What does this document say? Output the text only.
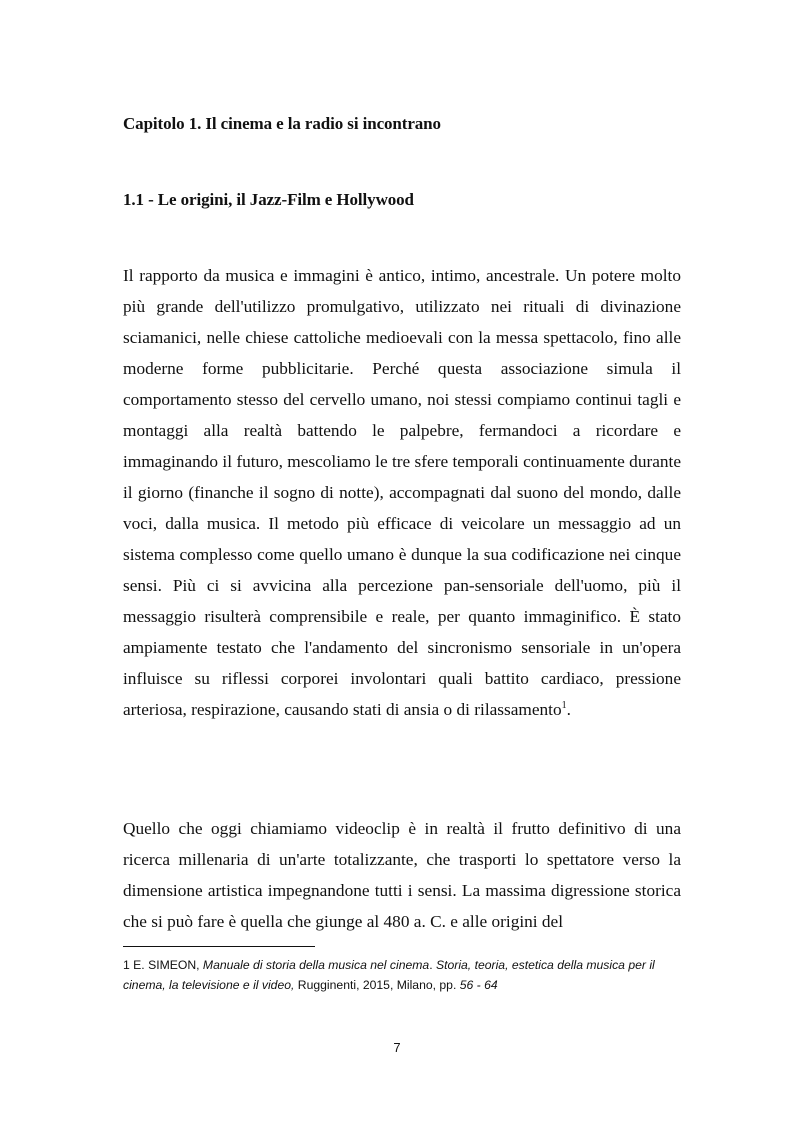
Capitolo 1. Il cinema e la radio si incontrano
1.1 - Le origini, il Jazz-Film e Hollywood

Il rapporto da musica e immagini è antico, intimo, ancestrale. Un potere molto più grande dell'utilizzo promulgativo, utilizzato nei rituali di divinazione sciamanici, nelle chiese cattoliche medioevali con la messa spettacolo, fino alle moderne forme pubblicitarie. Perché questa associazione simula il comportamento stesso del cervello umano, noi stessi compiamo continui tagli e montaggi alla realtà battendo le palpebre, fermandoci a ricordare e immaginando il futuro, mescoliamo le tre sfere temporali continuamente durante il giorno (finanche il sogno di notte), accompagnati dal suono del mondo, dalle voci, dalla musica. Il metodo più efficace di veicolare un messaggio ad un sistema complesso come quello umano è dunque la sua codificazione nei cinque sensi. Più ci si avvicina alla percezione pan-sensoriale dell'uomo, più il messaggio risulterà comprensibile e reale, per quanto immaginifico. È stato ampiamente testato che l'andamento del sincronismo sensoriale in un'opera influisce su riflessi corporei involontari quali battito cardiaco, pressione arteriosa, respirazione, causando stati di ansia o di rilassamento$^1$.

Quello che oggi chiamiamo videoclip è in realtà il frutto definitivo di una ricerca millenaria di un'arte totalizzante, che trasporti lo spettatore verso la dimensione artistica impegnandone tutti i sensi. La massima digressione storica che si può fare è quella che giunge al 480 a. C. e alle origini del

1 E. SIMEON, Manuale di storia della musica nel cinema. Storia, teoria, estetica della musica per il cinema, la televisione e il video, Rugginenti, 2015, Milano, pp. 56 - 64

7
